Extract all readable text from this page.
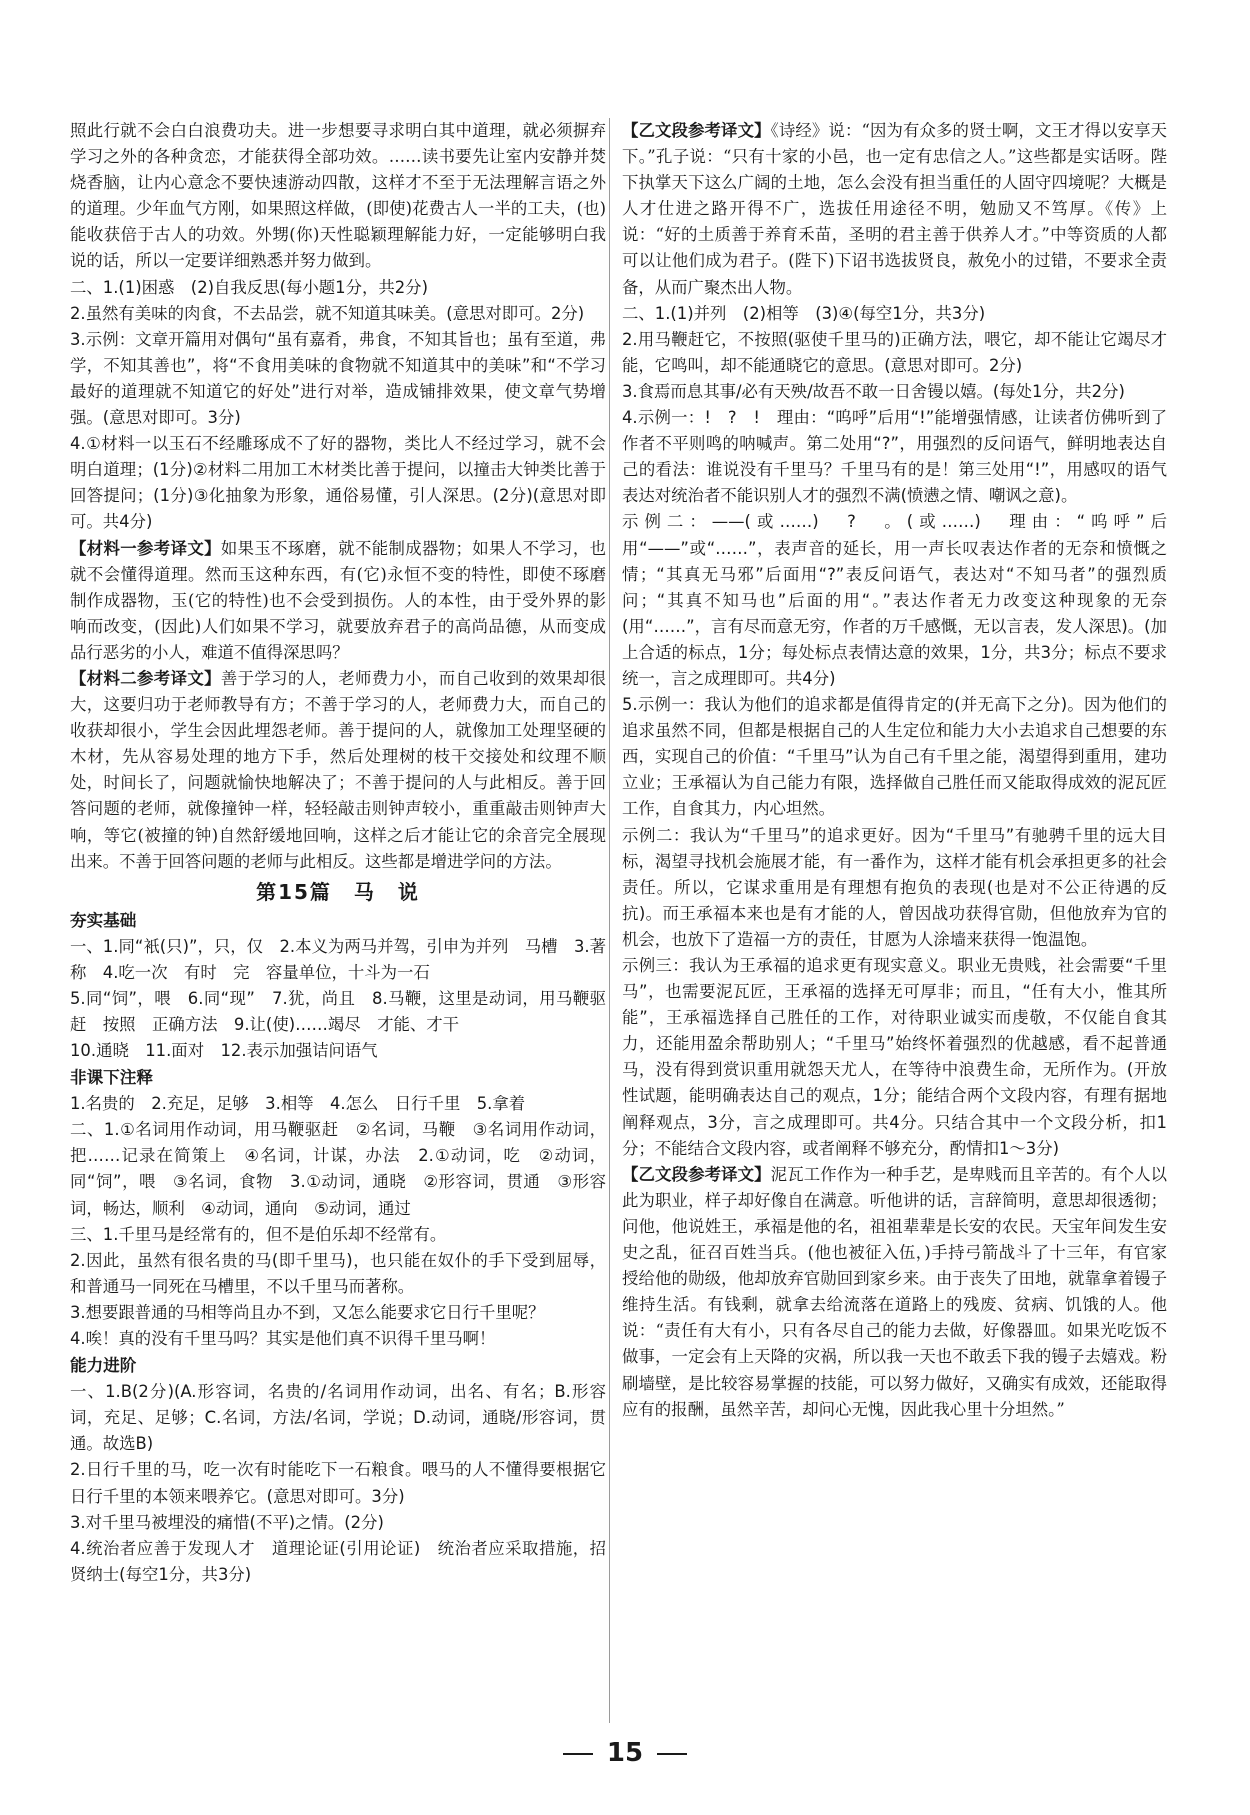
照此行就不会白白浪费功夫。进一步想要寻求明白其中道理，就必须摒弃学习之外的各种贪恋，才能获得全部功效。……读书要先让室内安静并焚烧香脑，让内心意念不要快速游动四散，这样才不至于无法理解言语之外的道理。少年血气方刚，如果照这样做，(即使)花费古人一半的工夫，(也)能收获倍于古人的功效。外甥(你)天性聪颖理解能力好，一定能够明白我说的话，所以一定要详细熟悉并努力做到。

二、1.(1)困惑　(2)自我反思(每小题1分，共2分)

2.虽然有美味的肉食，不去品尝，就不知道其味美。(意思对即可。2分)

3.示例：文章开篇用对偶句“虽有嘉肴，弗食，不知其旨也；虽有至道，弗学，不知其善也”，将“不食用美味的食物就不知道其中的美味”和“不学习最好的道理就不知道它的好处”进行对举，造成铺排效果，使文章气势增强。(意思对即可。3分)

4.①材料一以玉石不经雕琢成不了好的器物，类比人不经过学习，就不会明白道理；(1分)②材料二用加工木材类比善于提问，以撞击大钟类比善于回答提问；(1分)③化抽象为形象，通俗易懂，引人深思。(2分)(意思对即可。共4分)

【材料一参考译文】如果玉不琢磨，就不能制成器物；如果人不学习，也就不会懂得道理。然而玉这种东西，有(它)永恒不变的特性，即使不琢磨制作成器物，玉(它的特性)也不会受到损伤。人的本性，由于受外界的影响而改变，(因此)人们如果不学习，就要放弃君子的高尚品德，从而变成品行恶劣的小人，难道不值得深思吗？

【材料二参考译文】善于学习的人，老师费力小，而自己收到的效果却很大，这要归功于老师教导有方；不善于学习的人，老师费力大，而自己的收获却很小，学生会因此埋怨老师。善于提问的人，就像加工处理坚硬的木材，先从容易处理的地方下手，然后处理树的枝干交接处和纹理不顺处，时间长了，问题就愉快地解决了；不善于提问的人与此相反。善于回答问题的老师，就像撞钟一样，轻轻敲击则钟声较小，重重敲击则钟声大响，等它(被撞的钟)自然舒缓地回响，这样之后才能让它的余音完全展现出来。不善于回答问题的老师与此相反。这些都是增进学问的方法。

第15篇　马　说
夯实基础

一、1.同“衹(只)”，只，仅　2.本义为两马并驾，引申为并列　马槽　3.著称　4.吃一次　有时　完　容量单位，十斗为一石

5.同“饲”，喂　6.同“现”　7.犹，尚且　8.马鞭，这里是动词，用马鞭驱赶　按照　正确方法　9.让(使)……竭尽　才能、才干

10.通晓　11.面对　12.表示加强诘问语气

非课下注释

1.名贵的　2.充足，足够　3.相等　4.怎么　日行千里　5.拿着

二、1.①名词用作动词，用马鞭驱赶　②名词，马鞭　③名词用作动词，把……记录在简策上　④名词，计谋，办法　2.①动词，吃　②动词，同“饲”，喂　③名词，食物　3.①动词，通晓　②形容词，贯通　③形容词，畅达，顺利　④动词，通向　⑤动词，通过

三、1.千里马是经常有的，但不是伯乐却不经常有。

2.因此，虽然有很名贵的马(即千里马)，也只能在奴仆的手下受到屈辱，和普通马一同死在马槽里，不以千里马而著称。

3.想要跟普通的马相等尚且办不到，又怎么能要求它日行千里呢？

4.唉！真的没有千里马吗？其实是他们真不识得千里马啊！

能力进阶

一、1.B(2分)(A.形容词，名贵的/名词用作动词，出名、有名；B.形容词，充足、足够；C.名词，方法/名词，学说；D.动词，通晓/形容词，贯通。故选B)

2.日行千里的马，吃一次有时能吃下一石粮食。喂马的人不懂得要根据它日行千里的本领来喂养它。(意思对即可。3分)

3.对千里马被埋没的痛惜(不平)之情。(2分)

4.统治者应善于发现人才　道理论证(引用论证)　统治者应采取措施，招贤纳士(每空1分，共3分)

【乙文段参考译文】《诗经》说：“因为有众多的贤士啊，文王才得以安享天下。”孔子说：“只有十家的小邑，也一定有忠信之人。”这些都是实话呀。陛下执掌天下这么广阔的土地，怎么会没有担当重任的人固守四境呢？大概是人才仕进之路开得不广，选拔任用途径不明，勉励又不笃厚。《传》上说：“好的土质善于养育禾苗，圣明的君主善于供养人才。”中等资质的人都可以让他们成为君子。(陛下)下诏书选拔贤良，赦免小的过错，不要求全责备，从而广聚杰出人物。

二、1.(1)并列　(2)相等　(3)④(每空1分，共3分)

2.用马鞭赶它，不按照(驱使千里马的)正确方法，喂它，却不能让它竭尽才能，它鸣叫，却不能通晓它的意思。(意思对即可。2分)

3.食焉而息其事/必有天殃/故吾不敢一日舍镘以嬉。(每处1分，共2分)

4.示例一：!　?　!　理由：“呜呼”后用“!”能增强情感，让读者仿佛听到了作者不平则鸣的呐喊声。第二处用“?”，用强烈的反问语气，鲜明地表达自己的看法：谁说没有千里马？千里马有的是！第三处用“!”，用感叹的语气表达对统治者不能识别人才的强烈不满(愤懑之情、嘲讽之意)。

示例二：——(或……)　?　。(或……)　理由：“呜呼”后用“——”或“……”，表声音的延长，用一声长叹表达作者的无奈和愤慨之情；“其真无马邪”后面用“?”表反问语气，表达对“不知马者”的强烈质问；“其真不知马也”后面的用“。”表达作者无力改变这种现象的无奈(用“……”，言有尽而意无穷，作者的万千感慨，无以言表，发人深思)。(加上合适的标点，1分；每处标点表情达意的效果，1分，共3分；标点不要求统一，言之成理即可。共4分)

5.示例一：我认为他们的追求都是值得肯定的(并无高下之分)。因为他们的追求虽然不同，但都是根据自己的人生定位和能力大小去追求自己想要的东西，实现自己的价值：“千里马”认为自己有千里之能，渴望得到重用，建功立业；王承福认为自己能力有限，选择做自己胜任而又能取得成效的泥瓦匠工作，自食其力，内心坦然。

示例二：我认为“千里马”的追求更好。因为“千里马”有驰骋千里的远大目标，渴望寻找机会施展才能，有一番作为，这样才能有机会承担更多的社会责任。所以，它谋求重用是有理想有抱负的表现(也是对不公正待遇的反抗)。而王承福本来也是有才能的人，曾因战功获得官勋，但他放弃为官的机会，也放下了造福一方的责任，甘愿为人涂墙来获得一饱温饱。

示例三：我认为王承福的追求更有现实意义。职业无贵贱，社会需要“千里马”，也需要泥瓦匠，王承福的选择无可厚非；而且，“任有大小，惟其所能”，王承福选择自己胜任的工作，对待职业诚实而虔敬，不仅能自食其力，还能用盈余帮助别人；“千里马”始终怀着强烈的优越感，看不起普通马，没有得到赏识重用就怨天尤人，在等待中浪费生命，无所作为。(开放性试题，能明确表达自己的观点，1分；能结合两个文段内容，有理有据地阐释观点，3分，言之成理即可。共4分。只结合其中一个文段分析，扣1分；不能结合文段内容，或者阐释不够充分，酌情扣1～3分)

【乙文段参考译文】泥瓦工作作为一种手艺，是卑贱而且辛苦的。有个人以此为职业，样子却好像自在满意。听他讲的话，言辞简明，意思却很透彻；问他，他说姓王，承福是他的名，祖祖辈辈是长安的农民。天宝年间发生安史之乱，征召百姓当兵。(他也被征入伍，)手持弓箭战斗了十三年，有官家授给他的勋级，他却放弃官勋回到家乡来。由于丧失了田地，就靠拿着镘子维持生活。有钱剩，就拿去给流落在道路上的残废、贫病、饥饿的人。他说：“责任有大有小，只有各尽自己的能力去做，好像器皿。如果光吃饭不做事，一定会有上天降的灾祸，所以我一天也不敢丢下我的镘子去嬉戏。粉刷墙壁，是比较容易掌握的技能，可以努力做好，又确实有成效，还能取得应有的报酬，虽然辛苦，却问心无愧，因此我心里十分坦然。”

15
